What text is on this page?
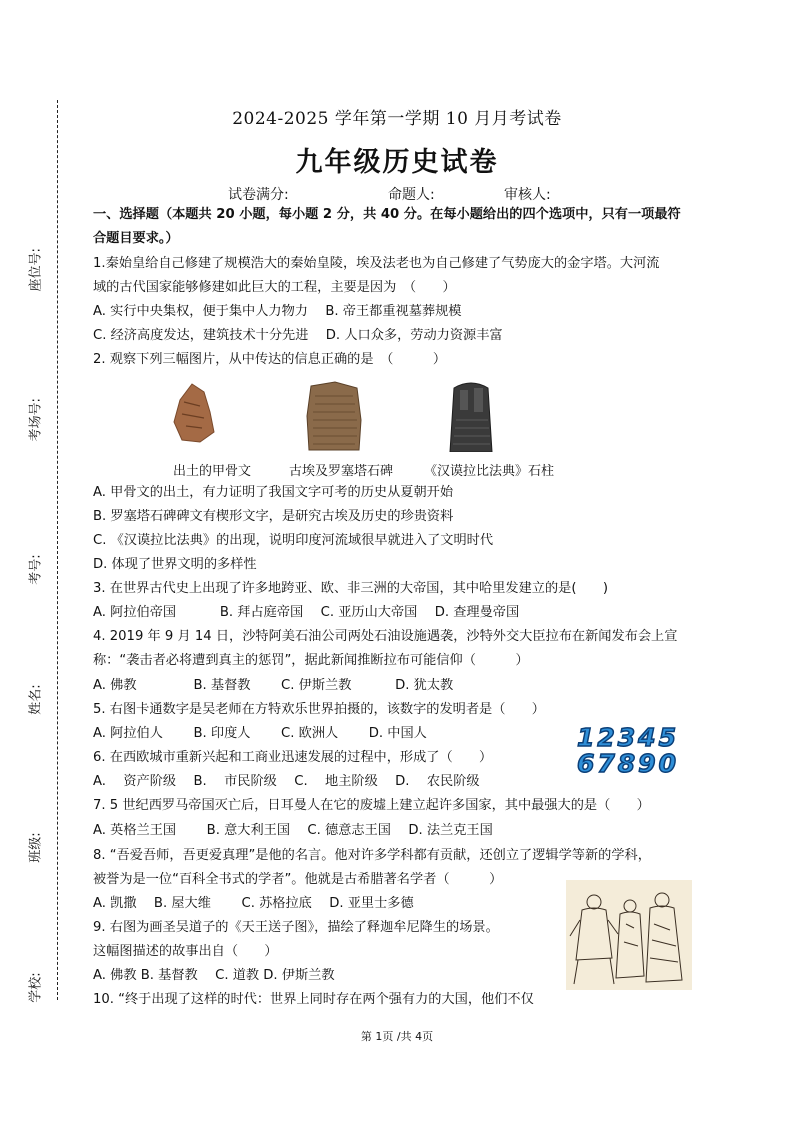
座位号:
考场号:
考号:
姓名:
班级:
学校:
2024-2025 学年第一学期 10 月月考试卷
九年级历史试卷
试卷满分:	命题人:	审核人:
一、选择题（本题共 20 小题，每小题 2 分，共 40 分。在每小题给出的四个选项中，只有一项最符
合题目要求。）
1.秦始皇给自己修建了规模浩大的秦始皇陵，埃及法老也为自己修建了气势庞大的金字塔。大河流
域的古代国家能够修建如此巨大的工程，主要是因为　（　　）
A. 实行中央集权，便于集中人力物力　 B. 帝王都重视墓葬规模
C. 经济高度发达，建筑技术十分先进　 D. 人口众多，劳动力资源丰富
2. 观察下列三幅图片，从中传达的信息正确的是　（　　　）
出土的甲骨文	古埃及罗塞塔石碑 《汉谟拉比法典》石柱
A. 甲骨文的出土，有力证明了我国文字可考的历史从夏朝开始
B. 罗塞塔石碑碑文有楔形文字，是研究古埃及历史的珍贵资料
C. 《汉谟拉比法典》的出现，说明印度河流域很早就进入了文明时代
D. 体现了世界文明的多样性
3. 在世界古代史上出现了许多地跨亚、欧、非三洲的大帝国，其中哈里发建立的是(　　)
A. 阿拉伯帝国　　　 B. 拜占庭帝国　 C. 亚历山大帝国　 D. 查理曼帝国
4. 2019 年 9 月 14 日，沙特阿美石油公司两处石油设施遇袭，沙特外交大臣拉布在新闻发布会上宣
称：“袭击者必将遭到真主的惩罚”，据此新闻推断拉布可能信仰（　　　）
A. 佛教　　　　 B. 基督教　　 C. 伊斯兰教　　　 D. 犹太教
5. 右图卡通数字是吴老师在方特欢乐世界拍摄的，该数字的发明者是（　　）
A. 阿拉伯人　　 B. 印度人　　 C. 欧洲人　　 D. 中国人	12345
67890
6. 在西欧城市重新兴起和工商业迅速发展的过程中，形成了（　　）
A.　 资产阶级　 B.　 市民阶级　 C.　 地主阶级　 D.　 农民阶级
7. 5 世纪西罗马帝国灭亡后，日耳曼人在它的废墟上建立起许多国家，其中最强大的是（　　）
A. 英格兰王国　　 B. 意大利王国　 C. 德意志王国　 D. 法兰克王国
8. “吾爱吾师，吾更爱真理”是他的名言。他对许多学科都有贡献，还创立了逻辑学等新的学科，
被誉为是一位“百科全书式的学者”。他就是古希腊著名学者（　　　）
A. 凯撒　 B. 屋大维　　 C. 苏格拉底　 D. 亚里士多德
9. 右图为画圣吴道子的《天王送子图》，描绘了释迦牟尼降生的场景。
这幅图描述的故事出自（　　）
A. 佛教 B. 基督教　 C. 道教 D. 伊斯兰教
10. “终于出现了这样的时代：世界上同时存在两个强有力的大国，他们不仅
第 1页 /共 4页
